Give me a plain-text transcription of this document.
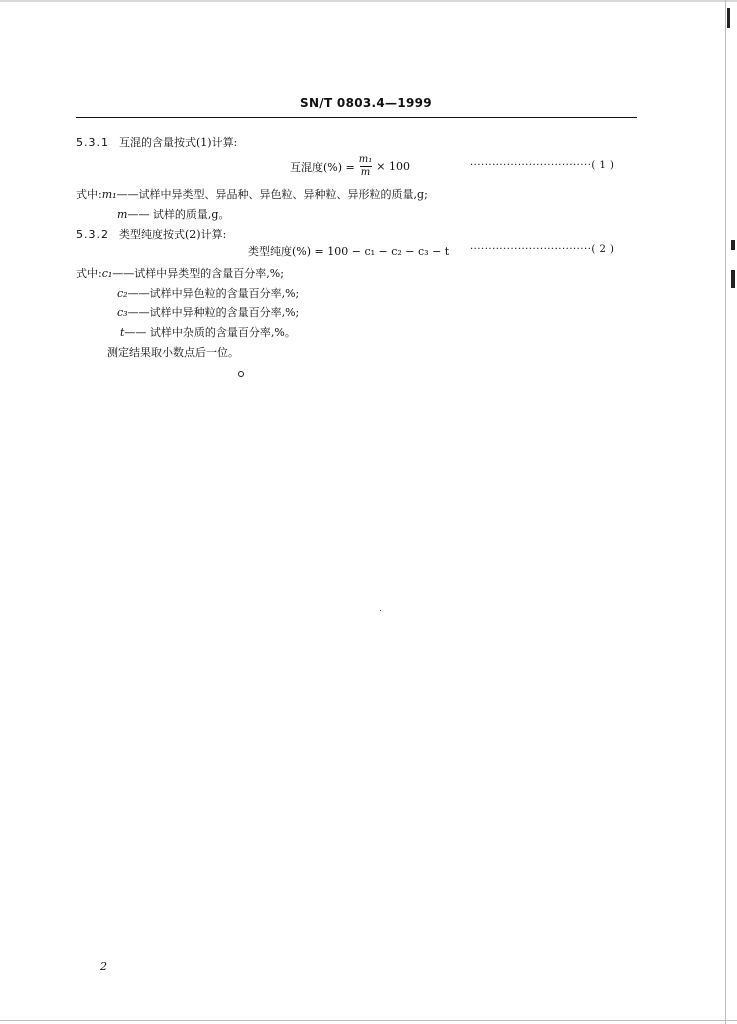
SN/T 0803.4—1999
5.3.1 互混的含量按式(1)计算:
互混度(%) = $\frac{\text{m₁}}{m} \times 100$	·································( 1 )
式中:m₁——试样中异类型、异品种、异色粒、异种粒、异形粒的质量,g;
m—— 试样的质量,g。
5.3.2 类型纯度按式(2)计算:
类型纯度(%) = 100 − c₁ − c₂ − c₃ − t ·································( 2 )
式中:c₁——试样中异类型的含量百分率,%;
c₂——试样中异色粒的含量百分率,%;
c₃——试样中异种粒的含量百分率,%;
t—— 试样中杂质的含量百分率,%。
测定结果取小数点后一位。
2
